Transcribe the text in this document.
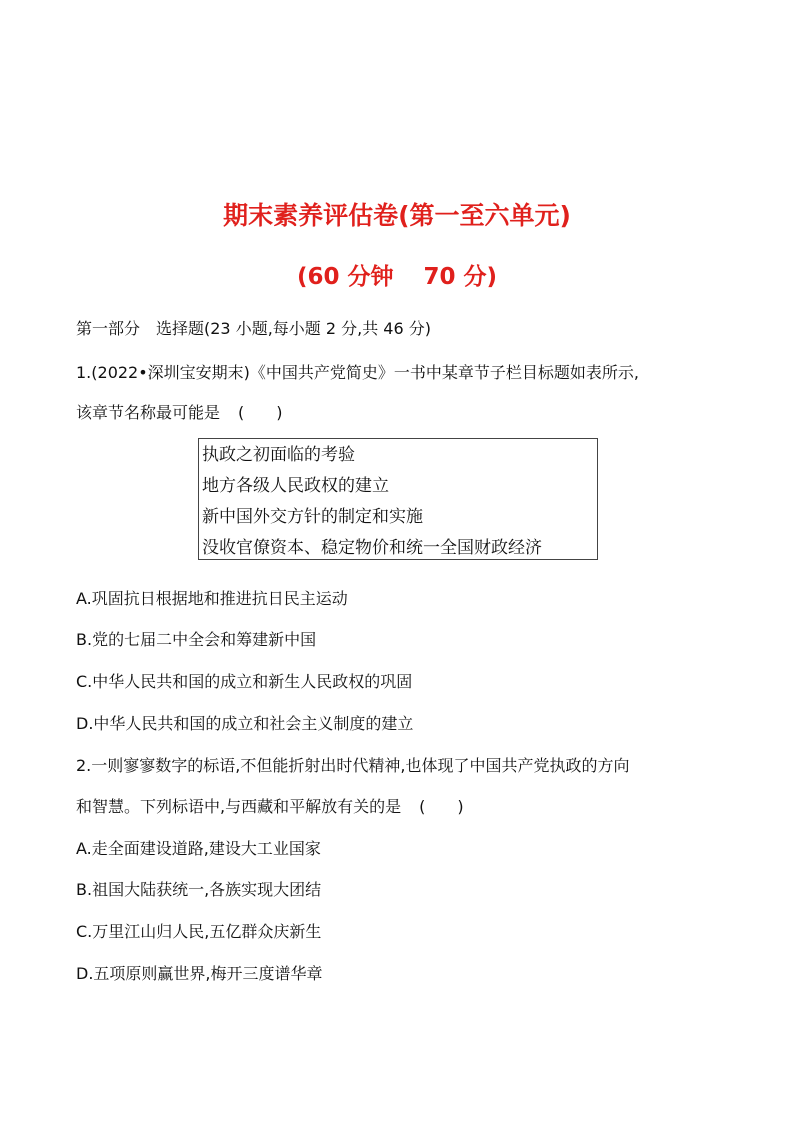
期末素养评估卷(第一至六单元)
(60 分钟 70 分)
第一部分　选择题(23 小题,每小题 2 分,共 46 分)
1.(2022•深圳宝安期末)《中国共产党简史》一书中某章节子栏目标题如表所示,
该章节名称最可能是 (　　)
执政之初面临的考验
地方各级人民政权的建立
新中国外交方针的制定和实施
没收官僚资本、稳定物价和统一全国财政经济
A.巩固抗日根据地和推进抗日民主运动
B.党的七届二中全会和筹建新中国
C.中华人民共和国的成立和新生人民政权的巩固
D.中华人民共和国的成立和社会主义制度的建立
2.一则寥寥数字的标语,不但能折射出时代精神,也体现了中国共产党执政的方向
和智慧。下列标语中,与西藏和平解放有关的是 (　　)
A.走全面建设道路,建设大工业国家
B.祖国大陆获统一,各族实现大团结
C.万里江山归人民,五亿群众庆新生
D.五项原则赢世界,梅开三度谱华章
